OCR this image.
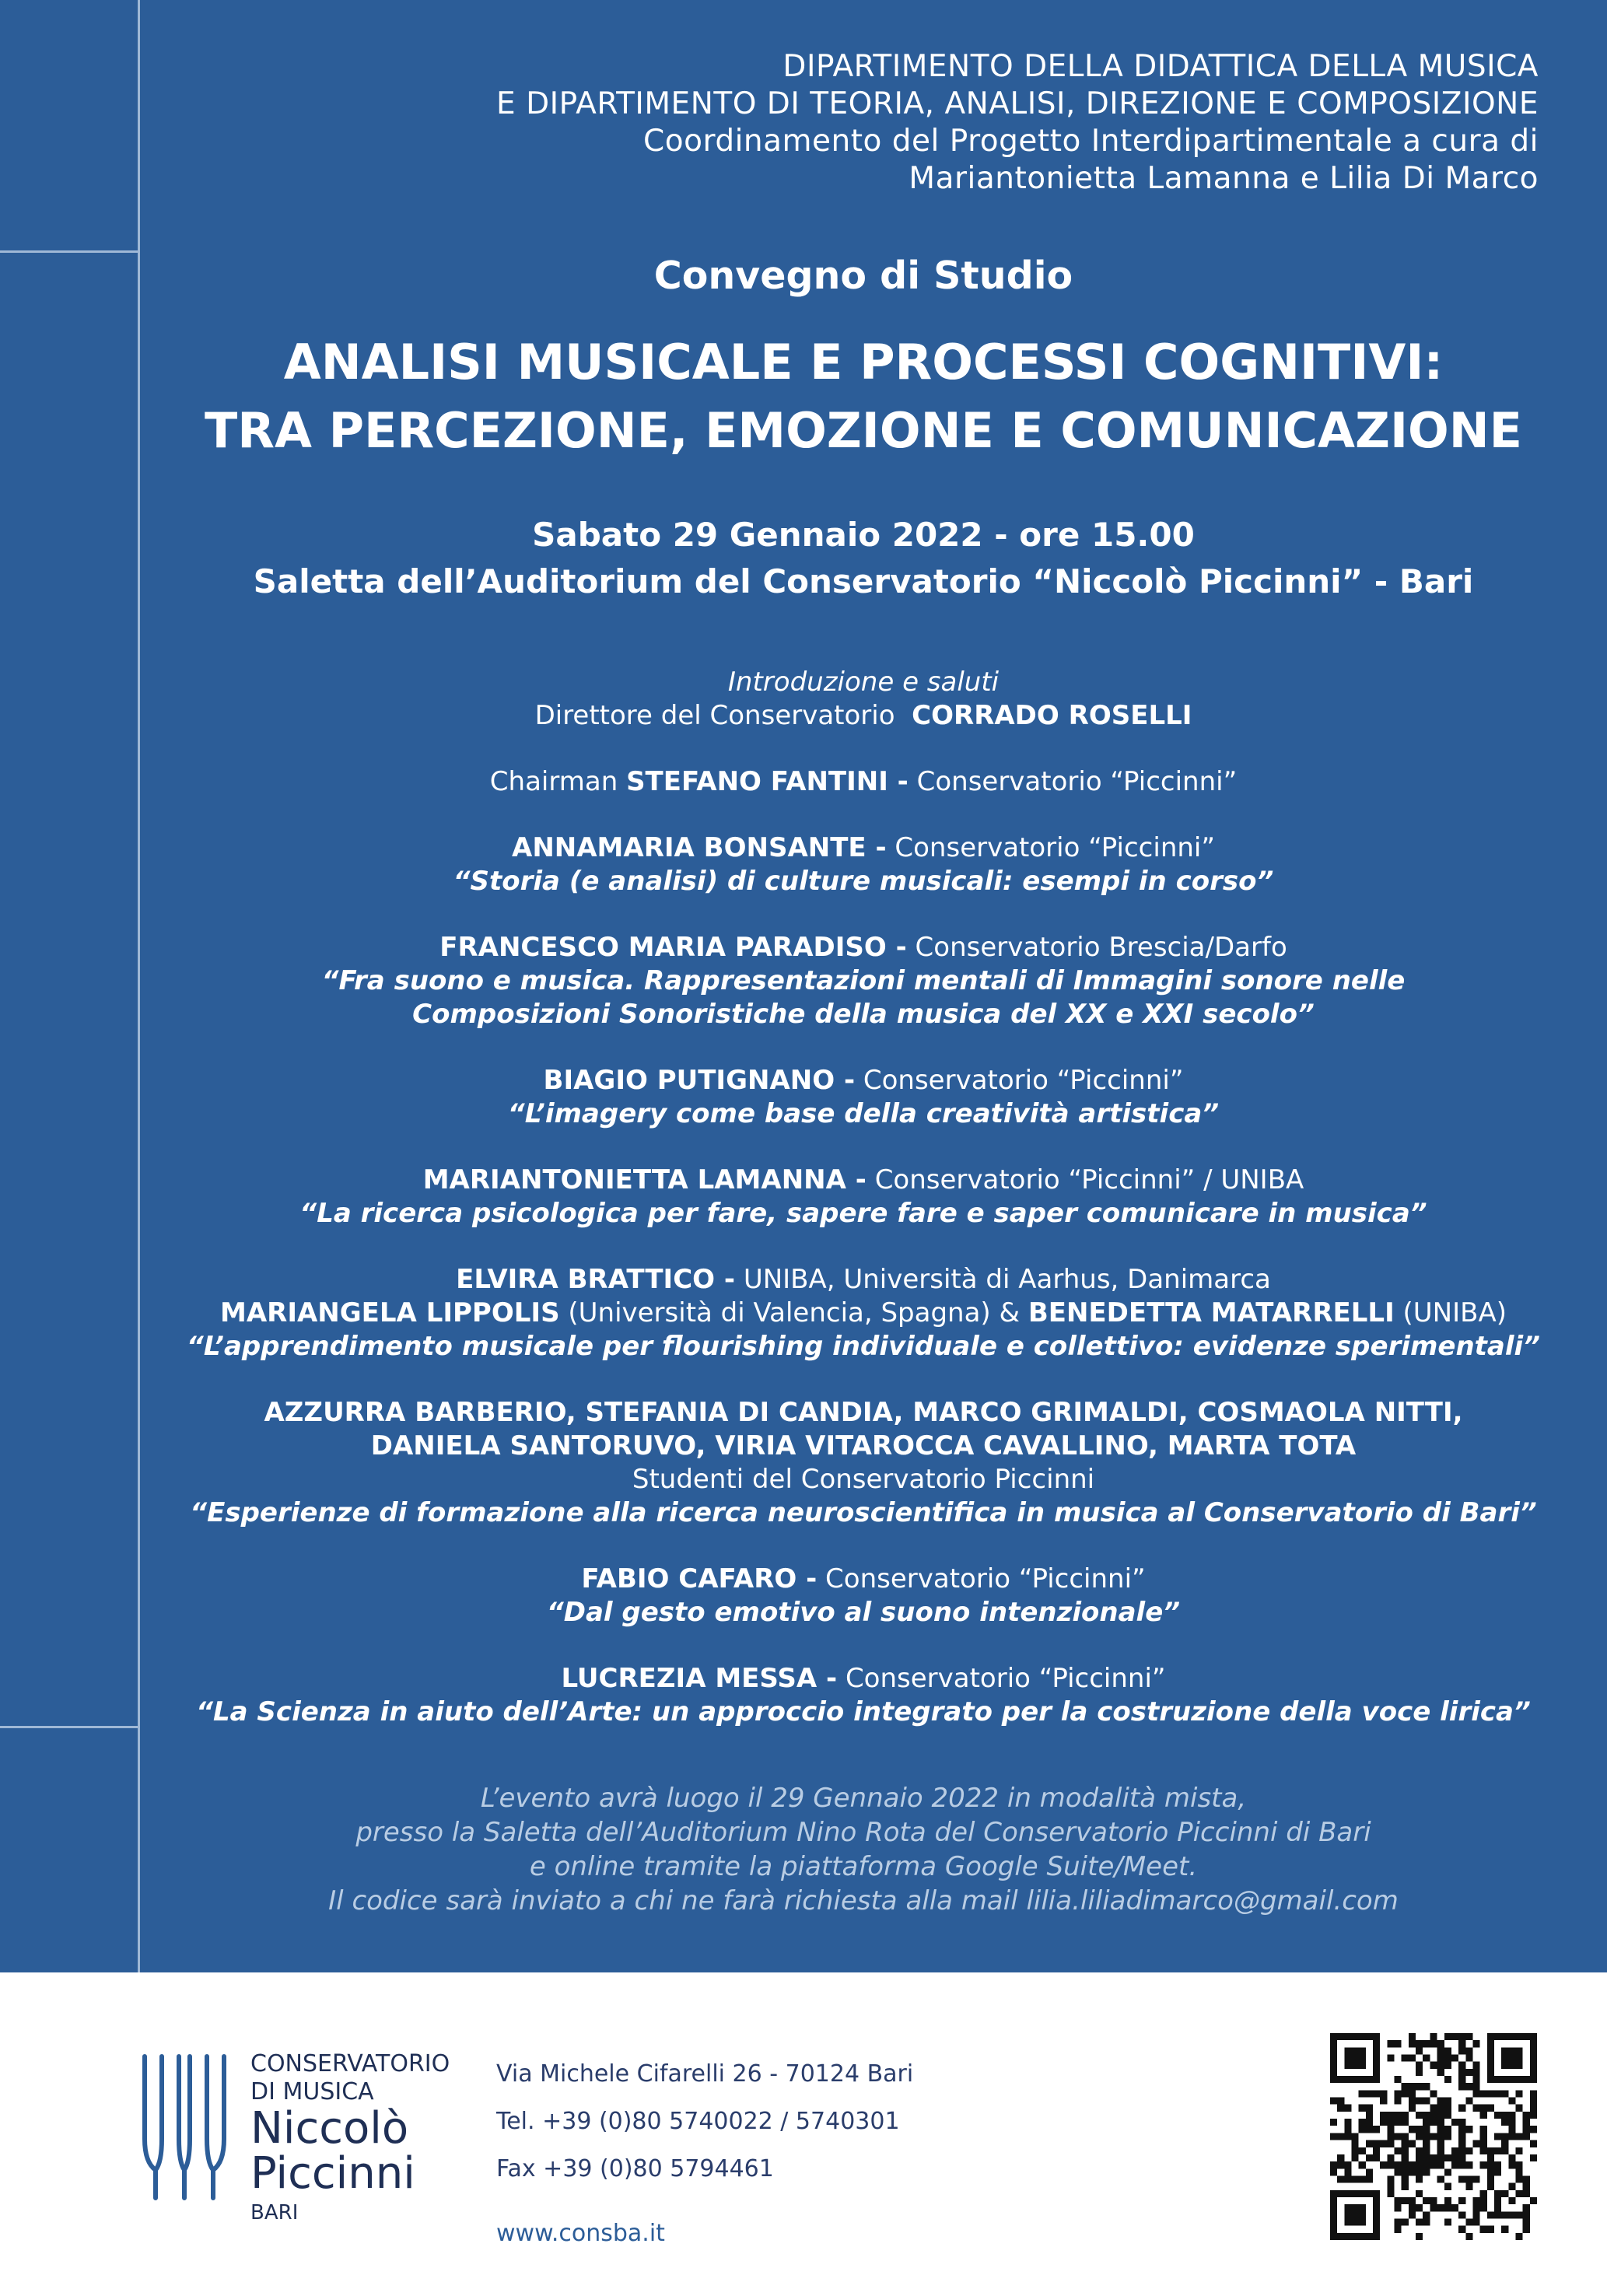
DIPARTIMENTO DELLA DIDATTICA DELLA MUSICA
E DIPARTIMENTO DI TEORIA, ANALISI, DIREZIONE E COMPOSIZIONE
Coordinamento del Progetto Interdipartimentale a cura di
Mariantonietta Lamanna e Lilia Di Marco
Convegno di Studio
ANALISI MUSICALE E PROCESSI COGNITIVI:
TRA PERCEZIONE, EMOZIONE E COMUNICAZIONE
Sabato 29 Gennaio 2022 - ore 15.00
Saletta dell’Auditorium del Conservatorio “Niccolò Piccinni” - Bari
Introduzione e saluti
Direttore del Conservatorio CORRADO ROSELLI
Chairman STEFANO FANTINI - Conservatorio “Piccinni”
ANNAMARIA BONSANTE - Conservatorio “Piccinni”
“Storia (e analisi) di culture musicali: esempi in corso”
FRANCESCO MARIA PARADISO - Conservatorio Brescia/Darfo
“Fra suono e musica. Rappresentazioni mentali di Immagini sonore nelle
Composizioni Sonoristiche della musica del XX e XXI secolo”
BIAGIO PUTIGNANO - Conservatorio “Piccinni”
“L’imagery come base della creatività artistica”
MARIANTONIETTA LAMANNA - Conservatorio “Piccinni” / UNIBA
“La ricerca psicologica per fare, sapere fare e saper comunicare in musica”
ELVIRA BRATTICO - UNIBA, Università di Aarhus, Danimarca
MARIANGELA LIPPOLIS (Università di Valencia, Spagna) & BENEDETTA MATARRELLI (UNIBA)
“L’apprendimento musicale per flourishing individuale e collettivo: evidenze sperimentali”
AZZURRA BARBERIO, STEFANIA DI CANDIA, MARCO GRIMALDI, COSMAOLA NITTI,
DANIELA SANTORUVO, VIRIA VITAROCCA CAVALLINO, MARTA TOTA
Studenti del Conservatorio Piccinni
“Esperienze di formazione alla ricerca neuroscientifica in musica al Conservatorio di Bari”
FABIO CAFARO - Conservatorio “Piccinni”
“Dal gesto emotivo al suono intenzionale”
LUCREZIA MESSA - Conservatorio “Piccinni”
“La Scienza in aiuto dell’Arte: un approccio integrato per la costruzione della voce lirica”
L’evento avrà luogo il 29 Gennaio 2022 in modalità mista,
presso la Saletta dell’Auditorium Nino Rota del Conservatorio Piccinni di Bari
e online tramite la piattaforma Google Suite/Meet.
Il codice sarà inviato a chi ne farà richiesta alla mail lilia.liliadimarco@gmail.com
CONSERVATORIO
DI MUSICA
Niccolò
Piccinni
BARI
Via Michele Cifarelli 26 - 70124 Bari
Tel. +39 (0)80 5740022 / 5740301
Fax +39 (0)80 5794461
www.consba.it
